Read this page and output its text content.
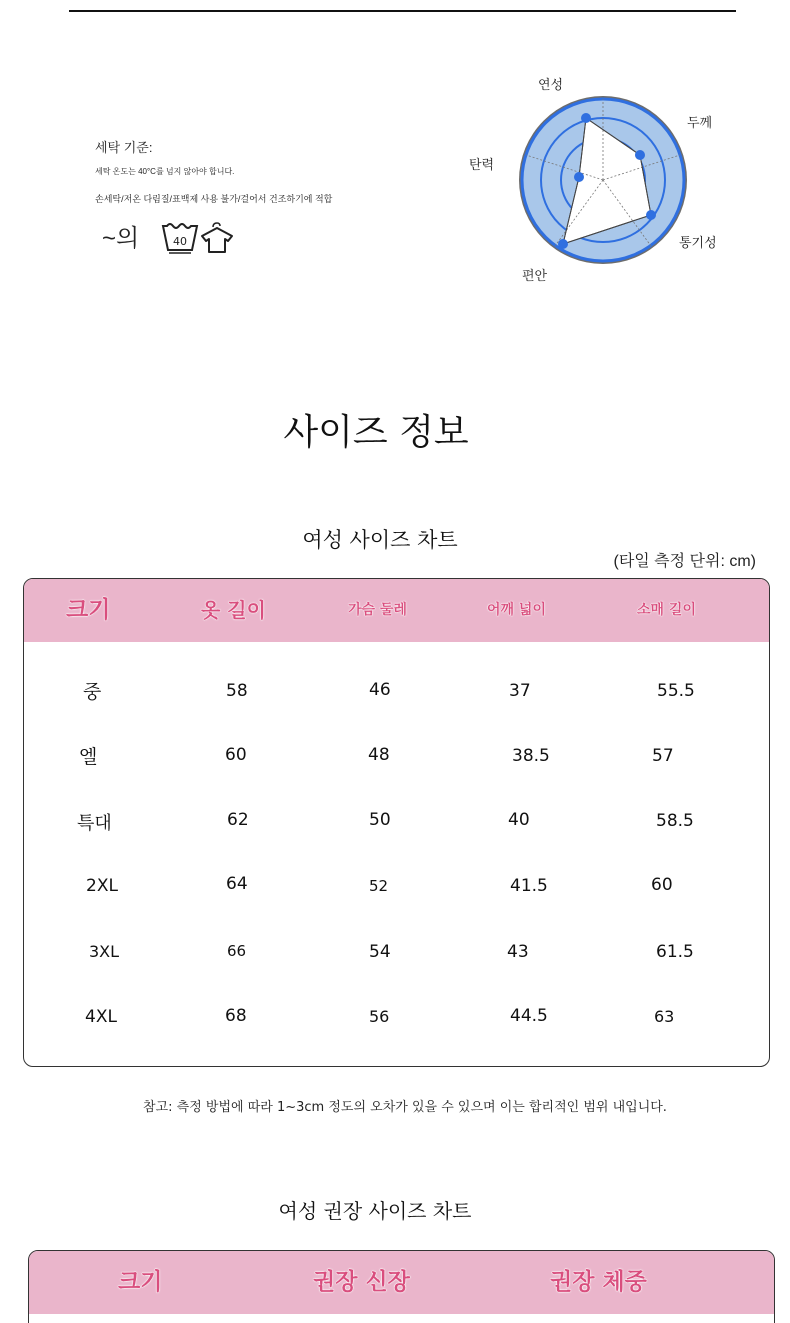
세탁 기준:
세탁 온도는 40°C를 넘지 않아야 합니다.
손세탁/저온 다림질/표백제 사용 불가/걸어서 건조하기에 적합
~의	40
연성
두께
통기성
편안
탄력
사이즈 정보
여성 사이즈 차트
(타일 측정 단위: cm)
크기	옷 길이	가슴 둘레	어깨 넓이	소매 길이
중	58	46	37	55.5
엘	60	48	38.5	57
특대	62	50	40	58.5
2XL	64	52	41.5	60
3XL	66	54	43	61.5
4XL	68	56	44.5	63
참고: 측정 방법에 따라 1~3cm 정도의 오차가 있을 수 있으며 이는 합리적인 범위 내입니다.
여성 권장 사이즈 차트
크기	권장 신장	권장 체중
